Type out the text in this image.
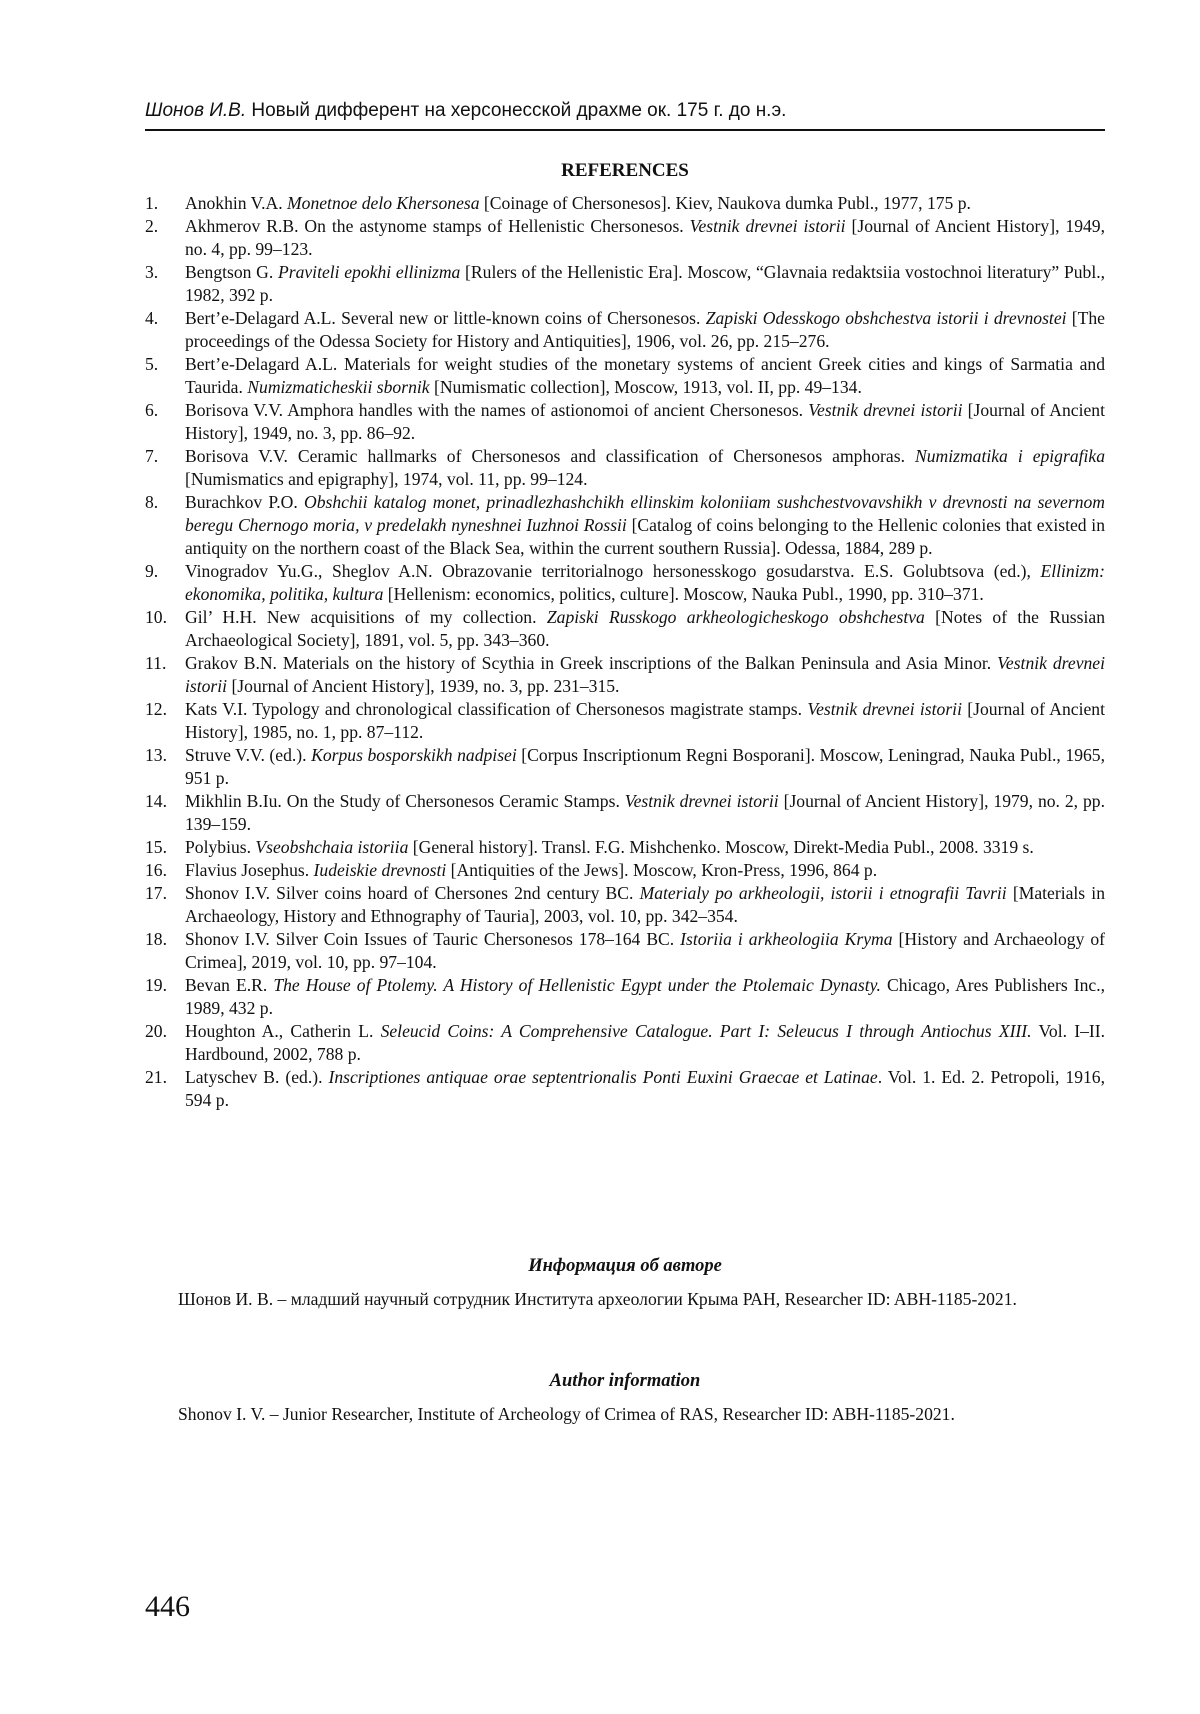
Шонов И.В. Новый дифферент на херсонесской драхме ок. 175 г. до н.э.
REFERENCES
1. Anokhin V.A. Monetnoe delo Khersonesa [Coinage of Chersonesos]. Kiev, Naukova dumka Publ., 1977, 175 p.
2. Akhmerov R.B. On the astynome stamps of Hellenistic Chersonesos. Vestnik drevnei istorii [Journal of Ancient History], 1949, no. 4, pp. 99–123.
3. Bengtson G. Praviteli epokhi ellinizma [Rulers of the Hellenistic Era]. Moscow, “Glavnaia redaktsiia vostochnoi literatury” Publ., 1982, 392 p.
4. Bert’e-Delagard A.L. Several new or little-known coins of Chersonesos. Zapiski Odesskogo obshchestva istorii i drevnostei [The proceedings of the Odessa Society for History and Antiquities], 1906, vol. 26, pp. 215–276.
5. Bert’e-Delagard A.L. Materials for weight studies of the monetary systems of ancient Greek cities and kings of Sarmatia and Taurida. Numizmaticheskii sbornik [Numismatic collection], Moscow, 1913, vol. II, pp. 49–134.
6. Borisova V.V. Amphora handles with the names of astionomoi of ancient Chersonesos. Vestnik drevnei istorii [Journal of Ancient History], 1949, no. 3, pp. 86–92.
7. Borisova V.V. Ceramic hallmarks of Chersonesos and classification of Chersonesos amphoras. Numizmatika i epigrafika [Numismatics and epigraphy], 1974, vol. 11, pp. 99–124.
8. Burachkov P.O. Obshchii katalog monet, prinadlezhashchikh ellinskim koloniiam sushchestvovavshikh v drevnosti na severnom beregu Chernogo moria, v predelakh nyneshnei Iuzhnoi Rossii [Catalog of coins belonging to the Hellenic colonies that existed in antiquity on the northern coast of the Black Sea, within the current southern Russia]. Odessa, 1884, 289 p.
9. Vinogradov Yu.G., Sheglov A.N. Obrazovanie territorialnogo hersonesskogo gosudarstva. E.S. Golubtsova (ed.), Ellinizm: ekonomika, politika, kultura [Hellenism: economics, politics, culture]. Moscow, Nauka Publ., 1990, pp. 310–371.
10. Gil’ H.H. New acquisitions of my collection. Zapiski Russkogo arkheologicheskogo obshchestva [Notes of the Russian Archaeological Society], 1891, vol. 5, pp. 343–360.
11. Grakov B.N. Materials on the history of Scythia in Greek inscriptions of the Balkan Peninsula and Asia Minor. Vestnik drevnei istorii [Journal of Ancient History], 1939, no. 3, pp. 231–315.
12. Kats V.I. Typology and chronological classification of Chersonesos magistrate stamps. Vestnik drevnei istorii [Journal of Ancient History], 1985, no. 1, pp. 87–112.
13. Struve V.V. (ed.). Korpus bosporskikh nadpisei [Corpus Inscriptionum Regni Bosporani]. Moscow, Leningrad, Nauka Publ., 1965, 951 p.
14. Mikhlin B.Iu. On the Study of Chersonesos Ceramic Stamps. Vestnik drevnei istorii [Journal of Ancient History], 1979, no. 2, pp. 139–159.
15. Polybius. Vseobshchaia istoriia [General history]. Transl. F.G. Mishchenko. Moscow, Direkt-Media Publ., 2008. 3319 s.
16. Flavius Josephus. Iudeiskie drevnosti [Antiquities of the Jews]. Moscow, Kron-Press, 1996, 864 p.
17. Shonov I.V. Silver coins hoard of Chersones 2nd century BC. Materialy po arkheologii, istorii i etnografii Tavrii [Materials in Archaeology, History and Ethnography of Tauria], 2003, vol. 10, pp. 342–354.
18. Shonov I.V. Silver Coin Issues of Tauric Chersonesos 178–164 BC. Istoriia i arkheologiia Kryma [History and Archaeology of Crimea], 2019, vol. 10, pp. 97–104.
19. Bevan E.R. The House of Ptolemy. A History of Hellenistic Egypt under the Ptolemaic Dynasty. Chicago, Ares Publishers Inc., 1989, 432 p.
20. Houghton A., Catherin L. Seleucid Coins: A Comprehensive Catalogue. Part I: Seleucus I through Antiochus XIII. Vol. I–II. Hardbound, 2002, 788 p.
21. Latyschev B. (ed.). Inscriptiones antiquae orae septentrionalis Ponti Euxini Graecae et Latinae. Vol. 1. Ed. 2. Petropoli, 1916, 594 p.
Информация об авторе
Шонов И. В. – младший научный сотрудник Института археологии Крыма РАН, Researcher ID: ABH-1185-2021.
Author information
Shonov I. V. – Junior Researcher, Institute of Archeology of Crimea of RAS, Researcher ID: ABH-1185-2021.
446
